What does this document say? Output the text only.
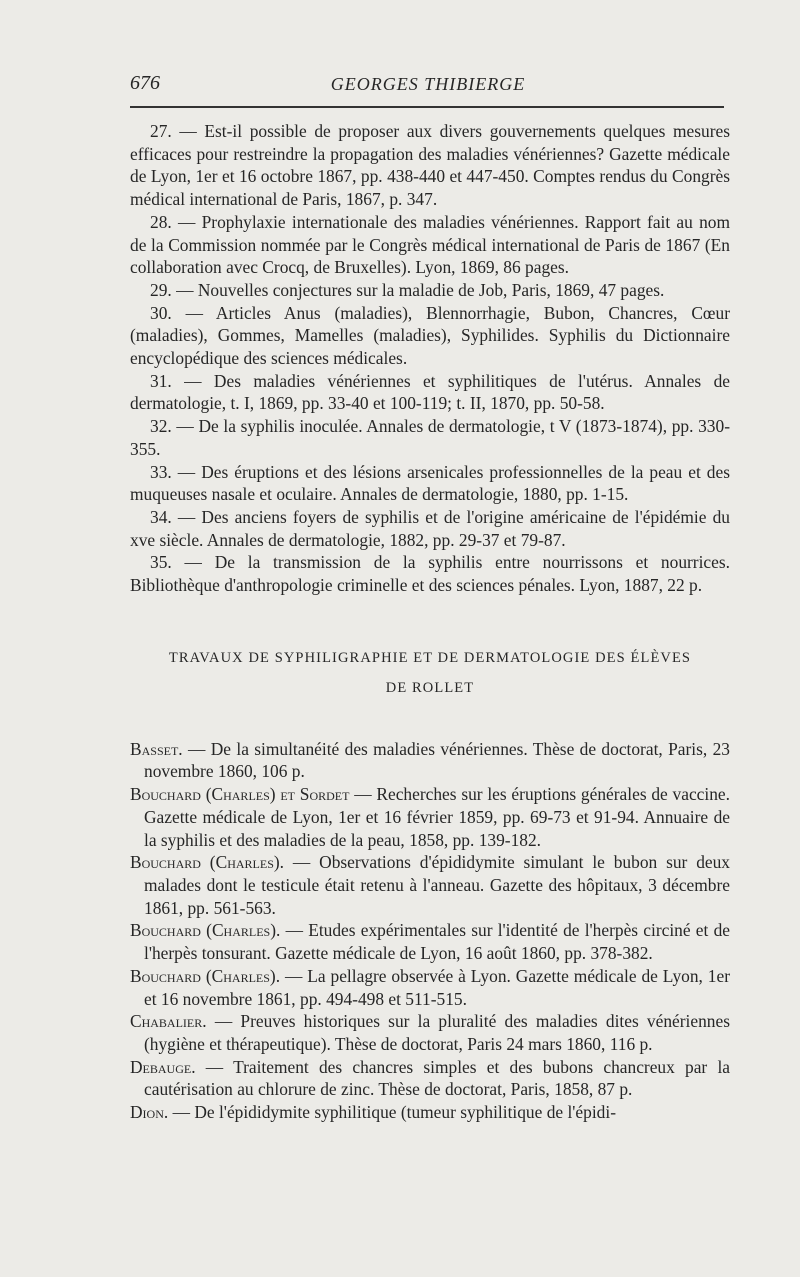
676	GEORGES THIBIERGE

27. — Est-il possible de proposer aux divers gouvernements quelques mesures efficaces pour restreindre la propagation des maladies vénériennes? Gazette médicale de Lyon, 1er et 16 octobre 1867, pp. 438-440 et 447-450. Comptes rendus du Congrès médical international de Paris, 1867, p. 347.

28. — Prophylaxie internationale des maladies vénériennes. Rapport fait au nom de la Commission nommée par le Congrès médical international de Paris de 1867 (En collaboration avec Crocq, de Bruxelles). Lyon, 1869, 86 pages.

29. — Nouvelles conjectures sur la maladie de Job, Paris, 1869, 47 pages.

30. — Articles Anus (maladies), Blennorrhagie, Bubon, Chancres, Cœur (maladies), Gommes, Mamelles (maladies), Syphilides. Syphilis du Dictionnaire encyclopédique des sciences médicales.

31. — Des maladies vénériennes et syphilitiques de l'utérus. Annales de dermatologie, t. I, 1869, pp. 33-40 et 100-119; t. II, 1870, pp. 50-58.

32. — De la syphilis inoculée. Annales de dermatologie, t V (1873-1874), pp. 330-355.

33. — Des éruptions et des lésions arsenicales professionnelles de la peau et des muqueuses nasale et oculaire. Annales de dermatologie, 1880, pp. 1-15.

34. — Des anciens foyers de syphilis et de l'origine américaine de l'épidémie du xve siècle. Annales de dermatologie, 1882, pp. 29-37 et 79-87.

35. — De la transmission de la syphilis entre nourrissons et nourrices. Bibliothèque d'anthropologie criminelle et des sciences pénales. Lyon, 1887, 22 p.

TRAVAUX DE SYPHILIGRAPHIE ET DE DERMATOLOGIE DES ÉLÈVES
DE ROLLET

Basset. — De la simultanéité des maladies vénériennes. Thèse de doctorat, Paris, 23 novembre 1860, 106 p.

Bouchard (Charles) et Sordet — Recherches sur les éruptions générales de vaccine. Gazette médicale de Lyon, 1er et 16 février 1859, pp. 69-73 et 91-94. Annuaire de la syphilis et des maladies de la peau, 1858, pp. 139-182.

Bouchard (Charles). — Observations d'épididymite simulant le bubon sur deux malades dont le testicule était retenu à l'anneau. Gazette des hôpitaux, 3 décembre 1861, pp. 561-563.

Bouchard (Charles). — Etudes expérimentales sur l'identité de l'herpès circiné et de l'herpès tonsurant. Gazette médicale de Lyon, 16 août 1860, pp. 378-382.

Bouchard (Charles). — La pellagre observée à Lyon. Gazette médicale de Lyon, 1er et 16 novembre 1861, pp. 494-498 et 511-515.

Chabalier. — Preuves historiques sur la pluralité des maladies dites vénériennes (hygiène et thérapeutique). Thèse de doctorat, Paris 24 mars 1860, 116 p.

Debauge. — Traitement des chancres simples et des bubons chancreux par la cautérisation au chlorure de zinc. Thèse de doctorat, Paris, 1858, 87 p.

Dion. — De l'épididymite syphilitique (tumeur syphilitique de l'épidi-
